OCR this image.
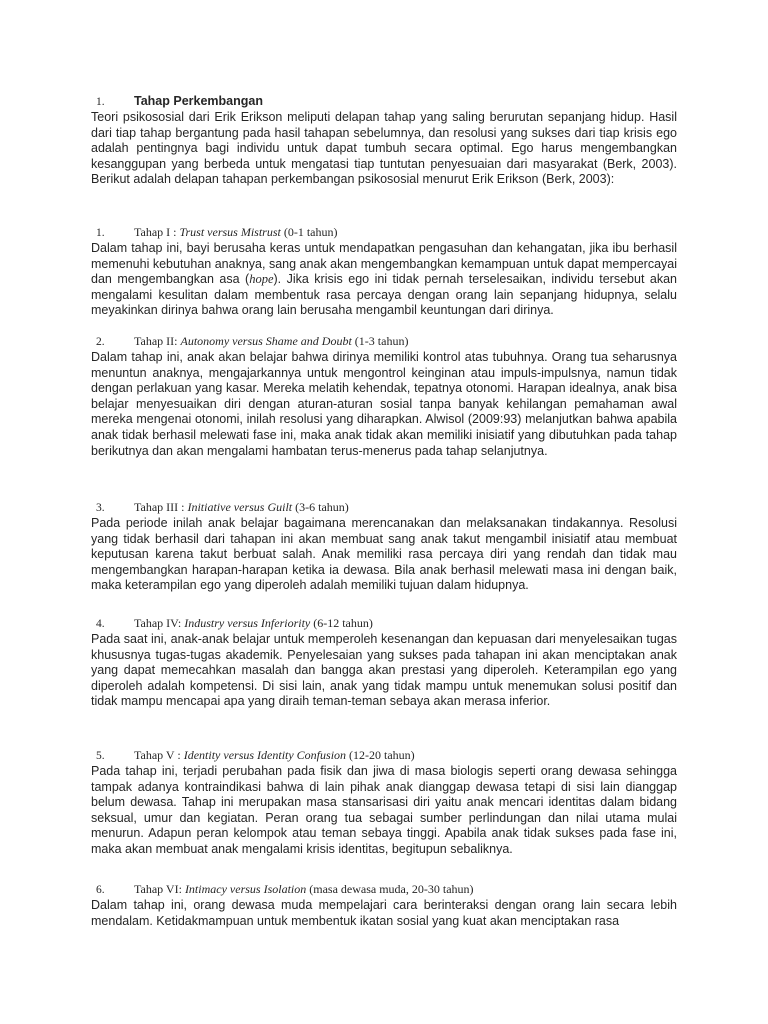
1.	Tahap Perkembangan
Teori psikososial dari Erik Erikson meliputi delapan tahap yang saling berurutan sepanjang hidup. Hasil dari tiap tahap bergantung pada hasil tahapan sebelumnya, dan resolusi yang sukses dari tiap krisis ego adalah pentingnya bagi individu untuk dapat tumbuh secara optimal. Ego harus mengembangkan kesanggupan yang berbeda untuk mengatasi tiap tuntutan penyesuaian dari masyarakat (Berk, 2003). Berikut adalah delapan tahapan perkembangan psikososial menurut Erik Erikson (Berk, 2003):
1.	Tahap I : Trust versus Mistrust (0-1 tahun)
Dalam tahap ini, bayi berusaha keras untuk mendapatkan pengasuhan dan kehangatan, jika ibu berhasil memenuhi kebutuhan anaknya, sang anak akan mengembangkan kemampuan untuk dapat mempercayai dan mengembangkan asa (hope). Jika krisis ego ini tidak pernah terselesaikan, individu tersebut akan mengalami kesulitan dalam membentuk rasa percaya dengan orang lain sepanjang hidupnya, selalu meyakinkan dirinya bahwa orang lain berusaha mengambil keuntungan dari dirinya.
2.	Tahap II: Autonomy versus Shame and Doubt (1-3 tahun)
Dalam tahap ini, anak akan belajar bahwa dirinya memiliki kontrol atas tubuhnya. Orang tua seharusnya menuntun anaknya, mengajarkannya untuk mengontrol keinginan atau impuls-impulsnya, namun tidak dengan perlakuan yang kasar. Mereka melatih kehendak, tepatnya otonomi. Harapan idealnya, anak bisa belajar menyesuaikan diri dengan aturan-aturan sosial tanpa banyak kehilangan pemahaman awal mereka mengenai otonomi, inilah resolusi yang diharapkan. Alwisol (2009:93) melanjutkan bahwa apabila anak tidak berhasil melewati fase ini, maka anak tidak akan memiliki inisiatif yang dibutuhkan pada tahap berikutnya dan akan mengalami hambatan terus-menerus pada tahap selanjutnya.
3.	Tahap III : Initiative versus Guilt (3-6 tahun)
Pada periode inilah anak belajar bagaimana merencanakan dan melaksanakan tindakannya. Resolusi yang tidak berhasil dari tahapan ini akan membuat sang anak takut mengambil inisiatif atau membuat keputusan karena takut berbuat salah. Anak memiliki rasa percaya diri yang rendah dan tidak mau mengembangkan harapan-harapan ketika ia dewasa. Bila anak berhasil melewati masa ini dengan baik, maka keterampilan ego yang diperoleh adalah memiliki tujuan dalam hidupnya.
4.	Tahap IV: Industry versus Inferiority (6-12 tahun)
Pada saat ini, anak-anak belajar untuk memperoleh kesenangan dan kepuasan dari menyelesaikan tugas khususnya tugas-tugas akademik. Penyelesaian yang sukses pada tahapan ini akan menciptakan anak yang dapat memecahkan masalah dan bangga akan prestasi yang diperoleh. Keterampilan ego yang diperoleh adalah kompetensi. Di sisi lain, anak yang tidak mampu untuk menemukan solusi positif dan tidak mampu mencapai apa yang diraih teman-teman sebaya akan merasa inferior.
5.	Tahap V : Identity versus Identity Confusion (12-20 tahun)
Pada tahap ini, terjadi perubahan pada fisik dan jiwa di masa biologis seperti orang dewasa sehingga tampak adanya kontraindikasi bahwa di lain pihak anak dianggap dewasa tetapi di sisi lain dianggap belum dewasa. Tahap ini merupakan masa stansarisasi diri yaitu anak mencari identitas dalam bidang seksual, umur dan kegiatan. Peran orang tua sebagai sumber perlindungan dan nilai utama mulai menurun. Adapun peran kelompok atau teman sebaya tinggi. Apabila anak tidak sukses pada fase ini, maka akan membuat anak mengalami krisis identitas, begitupun sebaliknya.
6.	Tahap VI: Intimacy versus Isolation (masa dewasa muda, 20-30 tahun)
Dalam tahap ini, orang dewasa muda mempelajari cara berinteraksi dengan orang lain secara lebih mendalam. Ketidakmampuan untuk membentuk ikatan sosial yang kuat akan menciptakan rasa
